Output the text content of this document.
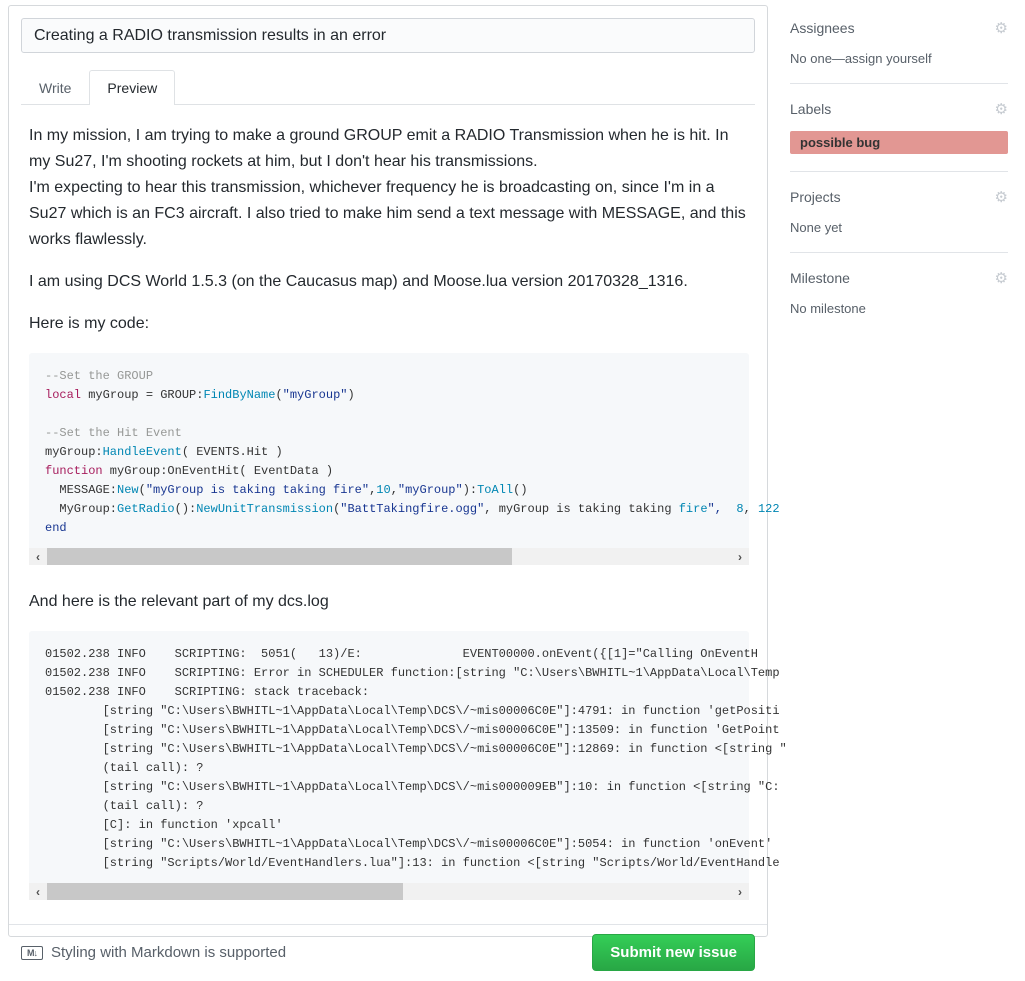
Creating a RADIO transmission results in an error
Write	Preview

In my mission, I am trying to make a ground GROUP emit a RADIO Transmission when he is hit. In my Su27, I'm shooting rockets at him, but I don't hear his transmissions.
I'm expecting to hear this transmission, whichever frequency he is broadcasting on, since I'm in a Su27 which is an FC3 aircraft. I also tried to make him send a text message with MESSAGE, and this works flawlessly.

I am using DCS World 1.5.3 (on the Caucasus map) and Moose.lua version 20170328_1316.

Here is my code:

--Set the GROUP
local myGroup = GROUP:FindByName("myGroup")

--Set the Hit Event
myGroup:HandleEvent( EVENTS.Hit )
function myGroup:OnEventHit( EventData )
MESSAGE:New("myGroup is taking taking fire",10,"myGroup"):ToAll()
MyGroup:GetRadio():NewUnitTransmission("BattTakingfire.ogg", myGroup is taking taking fire", 8, 122
end
‹	›

And here is the relevant part of my dcs.log

01502.238 INFO    SCRIPTING:  5051(   13)/E:              EVENT00000.onEvent({[1]="Calling OnEventH
01502.238 INFO    SCRIPTING: Error in SCHEDULER function:[string "C:\Users\BWHITL~1\AppData\Local\Temp
01502.238 INFO    SCRIPTING: stack traceback:
[string "C:\Users\BWHITL~1\AppData\Local\Temp\DCS\/~mis00006C0E"]:4791: in function 'getPositi
[string "C:\Users\BWHITL~1\AppData\Local\Temp\DCS\/~mis00006C0E"]:13509: in function 'GetPoint
[string "C:\Users\BWHITL~1\AppData\Local\Temp\DCS\/~mis00006C0E"]:12869: in function <[string "
(tail call): ?
[string "C:\Users\BWHITL~1\AppData\Local\Temp\DCS\/~mis000009EB"]:10: in function <[string "C:
(tail call): ?
[C]: in function 'xpcall'
[string "C:\Users\BWHITL~1\AppData\Local\Temp\DCS\/~mis00006C0E"]:5054: in function 'onEvent'
[string "Scripts/World/EventHandlers.lua"]:13: in function <[string "Scripts/World/EventHandle
‹	›
M↓ Styling with Markdown is supported	Submit new issue
Assignees	⚙
No one—assign yourself
Labels	⚙
possible bug
Projects	⚙
None yet
Milestone	⚙
No milestone
